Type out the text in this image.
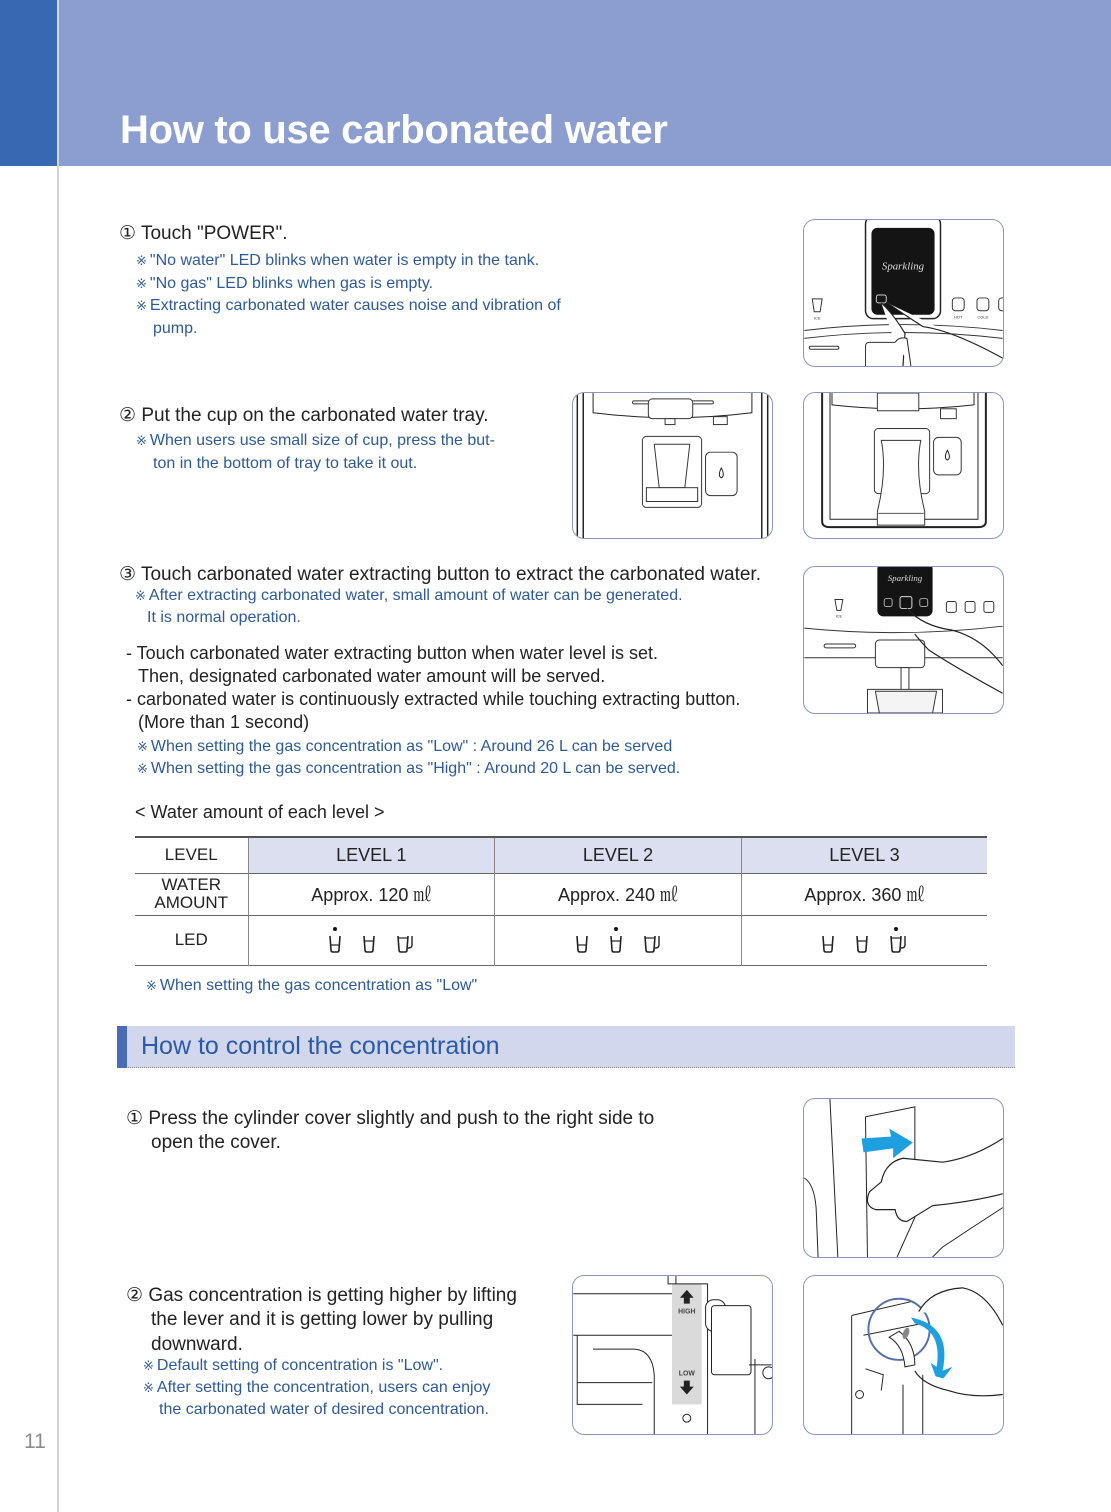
How to use carbonated water
① Touch "POWER".
※ "No water" LED blinks when water is empty in the tank.
※ "No gas" LED blinks when gas is empty.
※ Extracting carbonated water causes noise and vibration of
pump.
Sparkling
ICE	HOT	COLD
② Put the cup on the carbonated water tray.
※ When users use small size of cup, press the but-
ton in the bottom of tray to take it out.
③ Touch carbonated water extracting button to extract the carbonated water.
※ After extracting carbonated water, small amount of water can be generated.
It is normal operation.
- Touch carbonated water extracting button when water level is set.
Then, designated carbonated water amount will be served.
- carbonated water is continuously extracted while touching extracting button.
(More than 1 second)
※ When setting the gas concentration as "Low" : Around 26 L can be served
※ When setting the gas concentration as "High" : Around 20 L can be served.
Sparkling
ICE
< Water amount of each level >
LEVEL	LEVEL 1	LEVEL 2	LEVEL 3

WATER
AMOUNT	Approx. 120 ㎖	Approx. 240 ㎖	Approx. 360 ㎖
LED			
※ When setting the gas concentration as "Low"
How to control the concentration
① Press the cylinder cover slightly and push to the right side to
open the cover.
② Gas concentration is getting higher by lifting
the lever and it is getting lower by pulling
downward.
※ Default setting of concentration is "Low".
※ After setting the concentration, users can enjoy
the carbonated water of desired concentration.
HIGH
LOW
11
